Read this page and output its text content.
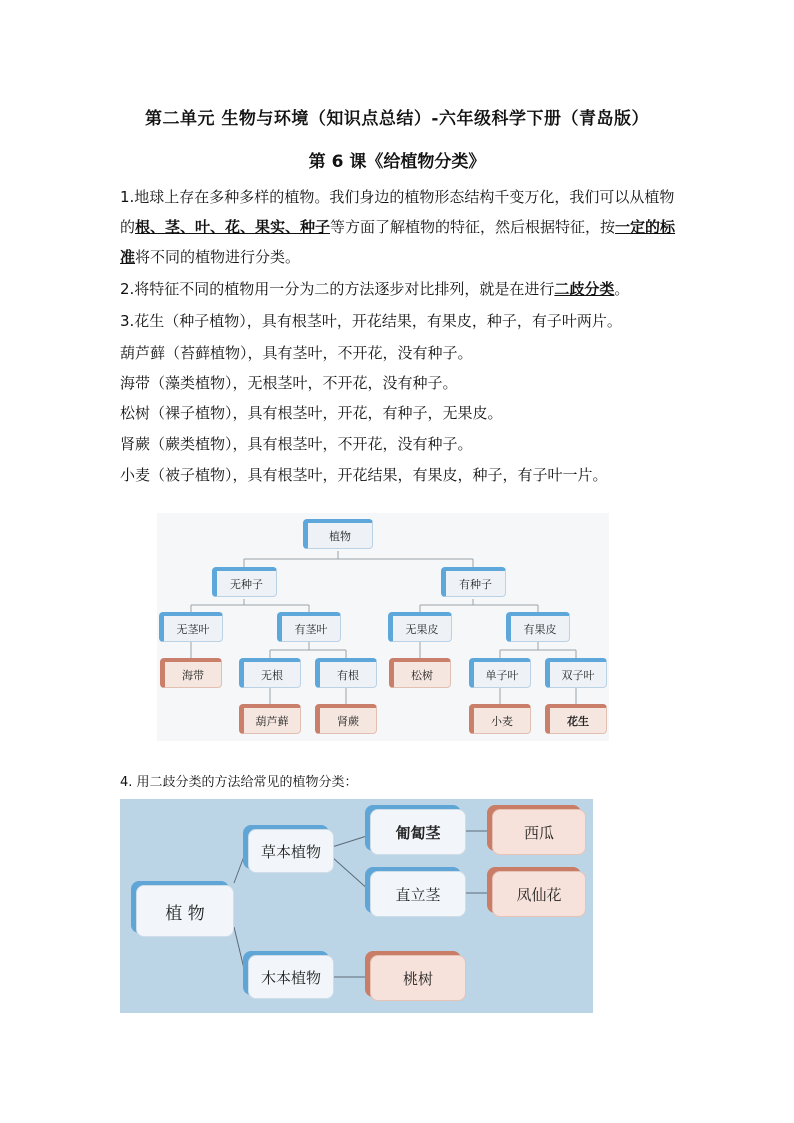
第二单元 生物与环境（知识点总结）-六年级科学下册（青岛版）
第 6 课《给植物分类》

1.地球上存在多种多样的植物。我们身边的植物形态结构千变万化，我们可以从植物的根、茎、叶、花、果实、种子等方面了解植物的特征，然后根据特征，按一定的标准将不同的植物进行分类。

2.将特征不同的植物用一分为二的方法逐步对比排列，就是在进行二歧分类。

3.花生（种子植物），具有根茎叶，开花结果，有果皮，种子，有子叶两片。

葫芦藓（苔藓植物），具有茎叶，不开花，没有种子。

海带（藻类植物），无根茎叶，不开花，没有种子。

松树（裸子植物），具有根茎叶，开花，有种子，无果皮。

肾蕨（蕨类植物），具有根茎叶，不开花，没有种子。

小麦（被子植物），具有根茎叶，开花结果，有果皮，种子，有子叶一片。

植物
无种子	有种子
无茎叶	有茎叶	无果皮	有果皮
海带	无根	有根	松树	单子叶	双子叶
葫芦藓	肾蕨	小麦	花生
4. 用二歧分类的方法给常见的植物分类：
植 物
草本植物
木本植物
匍匐茎
直立茎
西瓜
凤仙花
桃树
